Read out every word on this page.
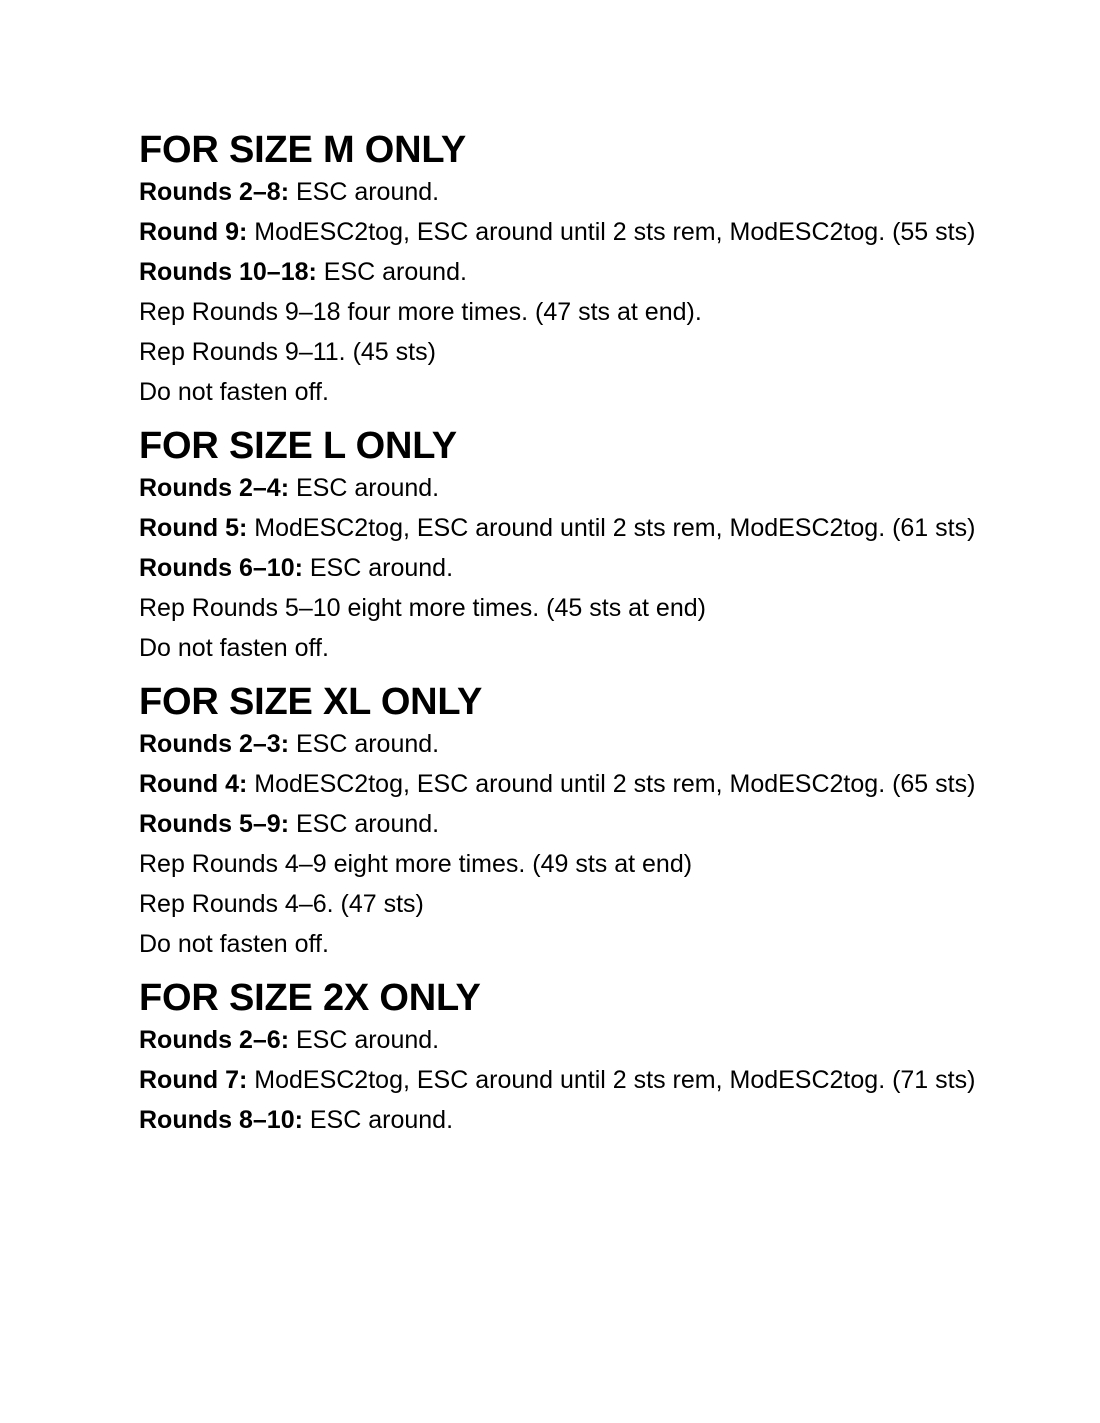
FOR SIZE M ONLY

Rounds 2–8: ESC around.

Round 9: ModESC2tog, ESC around until 2 sts rem, ModESC2tog. (55 sts)

Rounds 10–18: ESC around.

Rep Rounds 9–18 four more times. (47 sts at end).

Rep Rounds 9–11. (45 sts)

Do not fasten off.

FOR SIZE L ONLY

Rounds 2–4: ESC around.

Round 5: ModESC2tog, ESC around until 2 sts rem, ModESC2tog. (61 sts)

Rounds 6–10: ESC around.

Rep Rounds 5–10 eight more times. (45 sts at end)

Do not fasten off.

FOR SIZE XL ONLY

Rounds 2–3: ESC around.

Round 4: ModESC2tog, ESC around until 2 sts rem, ModESC2tog. (65 sts)

Rounds 5–9: ESC around.

Rep Rounds 4–9 eight more times. (49 sts at end)

Rep Rounds 4–6. (47 sts)

Do not fasten off.

FOR SIZE 2X ONLY

Rounds 2–6: ESC around.

Round 7: ModESC2tog, ESC around until 2 sts rem, ModESC2tog. (71 sts)

Rounds 8–10: ESC around.
